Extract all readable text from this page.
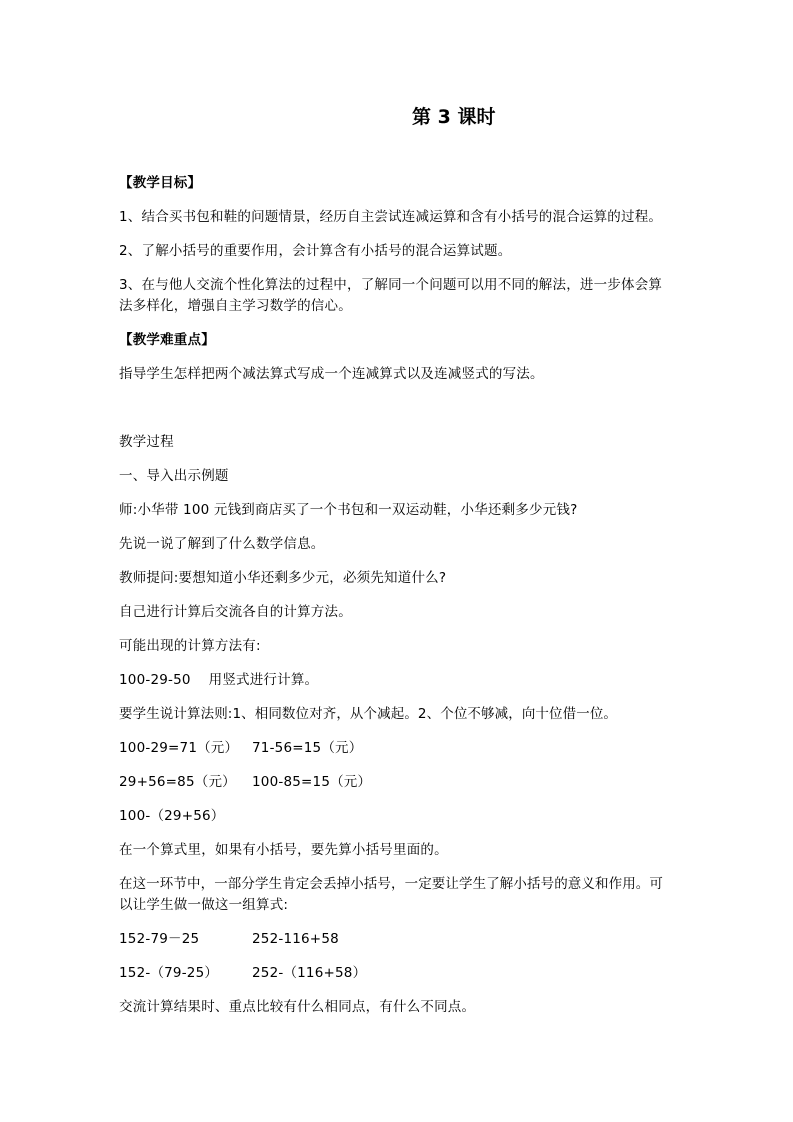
第 3 课时

【教学目标】

1、结合买书包和鞋的问题情景，经历自主尝试连减运算和含有小括号的混合运算的过程。

2、了解小括号的重要作用，会计算含有小括号的混合运算试题。

3、在与他人交流个性化算法的过程中，了解同一个问题可以用不同的解法，进一步体会算

法多样化，增强自主学习数学的信心。

【教学难重点】

指导学生怎样把两个减法算式写成一个连减算式以及连减竖式的写法。

教学过程

一、导入出示例题

师:小华带 100 元钱到商店买了一个书包和一双运动鞋，小华还剩多少元钱?

先说一说了解到了什么数学信息。

教师提问:要想知道小华还剩多少元，必须先知道什么?

自己进行计算后交流各自的计算方法。

可能出现的计算方法有:

100-29-50    用竖式进行计算。

要学生说计算法则:1、相同数位对齐，从个减起。2、个位不够减，向十位借一位。

100-29=71（元） 71-56=15（元）

29+56=85（元） 100-85=15（元）

100-（29+56）

在一个算式里，如果有小括号，要先算小括号里面的。

在这一环节中，一部分学生肯定会丢掉小括号，一定要让学生了解小括号的意义和作用。可

以让学生做一做这一组算式:

152-79－25	252-116+58

152-（79-25）	252-（116+58）

交流计算结果时、重点比较有什么相同点，有什么不同点。
